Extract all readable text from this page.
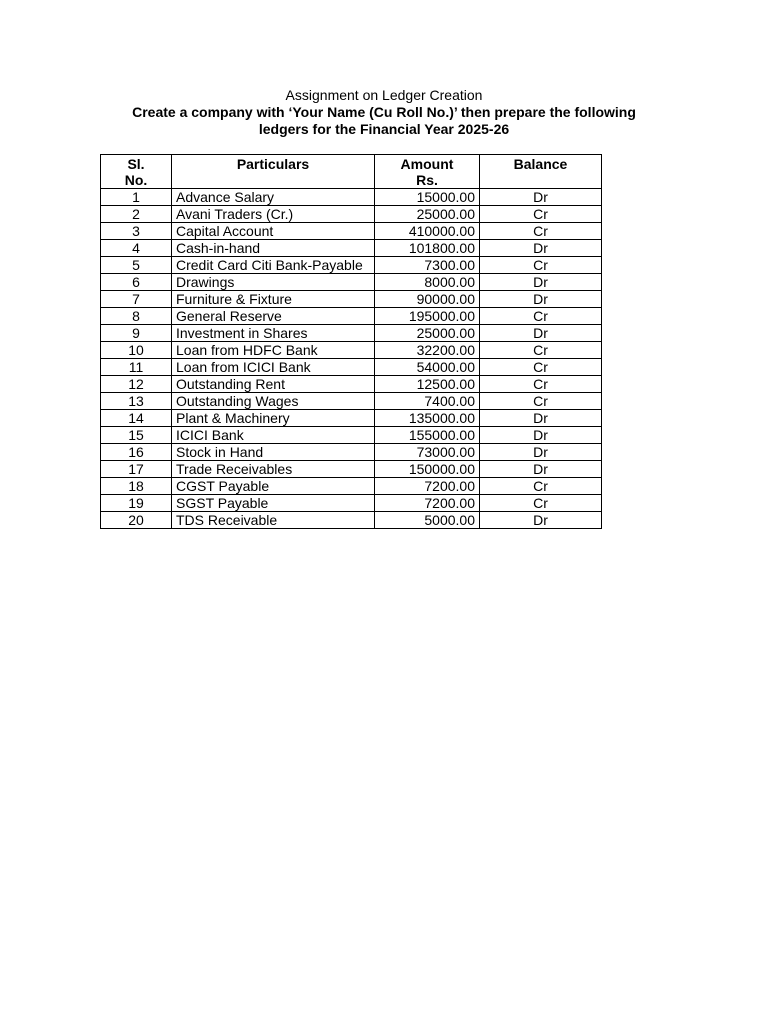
Assignment on Ledger Creation
Create a company with ‘Your Name (Cu Roll No.)’ then prepare the following
ledgers for the Financial Year 2025-26
Sl. No.	Particulars	Amount Rs.	Balance
1	Advance Salary	15000.00	Dr
2	Avani Traders (Cr.)	25000.00	Cr
3	Capital Account	410000.00	Cr
4	Cash-in-hand	101800.00	Dr
5	Credit Card Citi Bank-Payable	7300.00	Cr
6	Drawings	8000.00	Dr
7	Furniture & Fixture	90000.00	Dr
8	General Reserve	195000.00	Cr
9	Investment in Shares	25000.00	Dr
10	Loan from HDFC Bank	32200.00	Cr
11	Loan from ICICI Bank	54000.00	Cr
12	Outstanding Rent	12500.00	Cr
13	Outstanding Wages	7400.00	Cr
14	Plant & Machinery	135000.00	Dr
15	ICICI Bank	155000.00	Dr
16	Stock in Hand	73000.00	Dr
17	Trade Receivables	150000.00	Dr
18	CGST Payable	7200.00	Cr
19	SGST Payable	7200.00	Cr
20	TDS Receivable	5000.00	Dr
